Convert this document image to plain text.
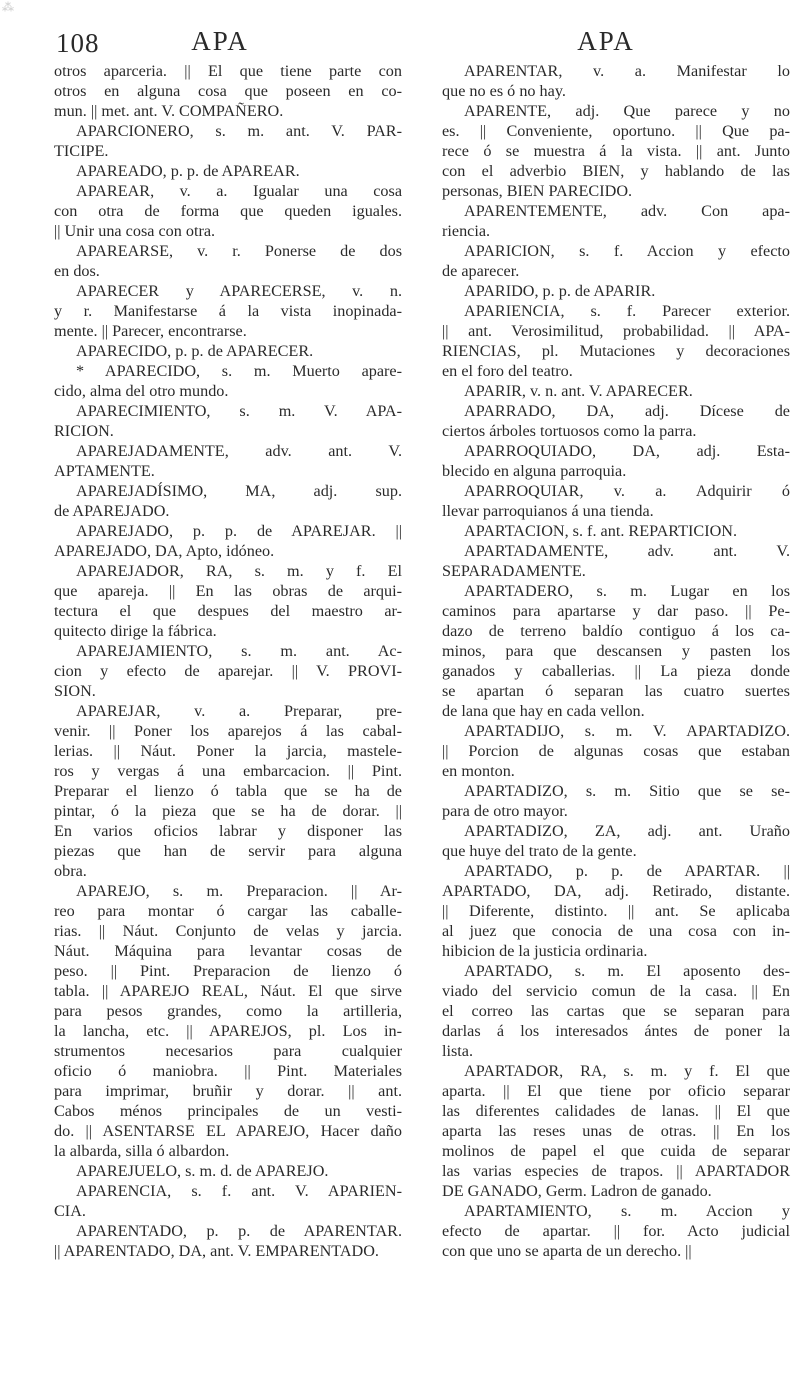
⁂
108	APA	APA
otros aparceria. || El que tiene parte con
otros en alguna cosa que poseen en co-
mun. || met. ant. V. COMPAÑERO.
APARCIONERO, s. m. ant. V. PAR-
TICIPE.
APAREADO, p. p. de APAREAR.
APAREAR, v. a. Igualar una cosa
con otra de forma que queden iguales.
|| Unir una cosa con otra.
APAREARSE, v. r. Ponerse de dos
en dos.
APARECER y APARECERSE, v. n.
y r. Manifestarse á la vista inopinada-
mente. || Parecer, encontrarse.
APARECIDO, p. p. de APARECER.
* APARECIDO, s. m. Muerto apare-
cido, alma del otro mundo.
APARECIMIENTO, s. m. V. APA-
RICION.
APAREJADAMENTE, adv. ant. V.
APTAMENTE.
APAREJADÍSIMO, MA, adj. sup.
de APAREJADO.
APAREJADO, p. p. de APAREJAR. ||
APAREJADO, DA, Apto, idóneo.
APAREJADOR, RA, s. m. y f. El
que apareja. || En las obras de arqui-
tectura el que despues del maestro ar-
quitecto dirige la fábrica.
APAREJAMIENTO, s. m. ant. Ac-
cion y efecto de aparejar. || V. PROVI-
SION.
APAREJAR, v. a. Preparar, pre-
venir. || Poner los aparejos á las cabal-
lerias. || Náut. Poner la jarcia, mastele-
ros y vergas á una embarcacion. || Pint.
Preparar el lienzo ó tabla que se ha de
pintar, ó la pieza que se ha de dorar. ||
En varios oficios labrar y disponer las
piezas que han de servir para alguna
obra.
APAREJO, s. m. Preparacion. || Ar-
reo para montar ó cargar las caballe-
rias. || Náut. Conjunto de velas y jarcia.
Náut. Máquina para levantar cosas de
peso. || Pint. Preparacion de lienzo ó
tabla. || APAREJO REAL, Náut. El que sirve
para pesos grandes, como la artilleria,
la lancha, etc. || APAREJOS, pl. Los in-
strumentos necesarios para cualquier
oficio ó maniobra. || Pint. Materiales
para imprimar, bruñir y dorar. || ant.
Cabos ménos principales de un vesti-
do. || ASENTARSE EL APAREJO, Hacer daño
la albarda, silla ó albardon.
APAREJUELO, s. m. d. de APAREJO.
APARENCIA, s. f. ant. V. APARIEN-
CIA.
APARENTADO, p. p. de APARENTAR.
|| APARENTADO, DA, ant. V. EMPARENTADO.
APARENTAR, v. a. Manifestar lo
que no es ó no hay.
APARENTE, adj. Que parece y no
es. || Conveniente, oportuno. || Que pa-
rece ó se muestra á la vista. || ant. Junto
con el adverbio BIEN, y hablando de las
personas, BIEN PARECIDO.
APARENTEMENTE, adv. Con apa-
riencia.
APARICION, s. f. Accion y efecto
de aparecer.
APARIDO, p. p. de APARIR.
APARIENCIA, s. f. Parecer exterior.
|| ant. Verosimilitud, probabilidad. || APA-
RIENCIAS, pl. Mutaciones y decoraciones
en el foro del teatro.
APARIR, v. n. ant. V. APARECER.
APARRADO, DA, adj. Dícese de
ciertos árboles tortuosos como la parra.
APARROQUIADO, DA, adj. Esta-
blecido en alguna parroquia.
APARROQUIAR, v. a. Adquirir ó
llevar parroquianos á una tienda.
APARTACION, s. f. ant. REPARTICION.
APARTADAMENTE, adv. ant. V.
SEPARADAMENTE.
APARTADERO, s. m. Lugar en los
caminos para apartarse y dar paso. || Pe-
dazo de terreno baldío contiguo á los ca-
minos, para que descansen y pasten los
ganados y caballerias. || La pieza donde
se apartan ó separan las cuatro suertes
de lana que hay en cada vellon.
APARTADIJO, s. m. V. APARTADIZO.
|| Porcion de algunas cosas que estaban
en monton.
APARTADIZO, s. m. Sitio que se se-
para de otro mayor.
APARTADIZO, ZA, adj. ant. Uraño
que huye del trato de la gente.
APARTADO, p. p. de APARTAR. ||
APARTADO, DA, adj. Retirado, distante.
|| Diferente, distinto. || ant. Se aplicaba
al juez que conocia de una cosa con in-
hibicion de la justicia ordinaria.
APARTADO, s. m. El aposento des-
viado del servicio comun de la casa. || En
el correo las cartas que se separan para
darlas á los interesados ántes de poner la
lista.
APARTADOR, RA, s. m. y f. El que
aparta. || El que tiene por oficio separar
las diferentes calidades de lanas. || El que
aparta las reses unas de otras. || En los
molinos de papel el que cuida de separar
las varias especies de trapos. || APARTADOR
DE GANADO, Germ. Ladron de ganado.
APARTAMIENTO, s. m. Accion y
efecto de apartar. || for. Acto judicial
con que uno se aparta de un derecho. ||
